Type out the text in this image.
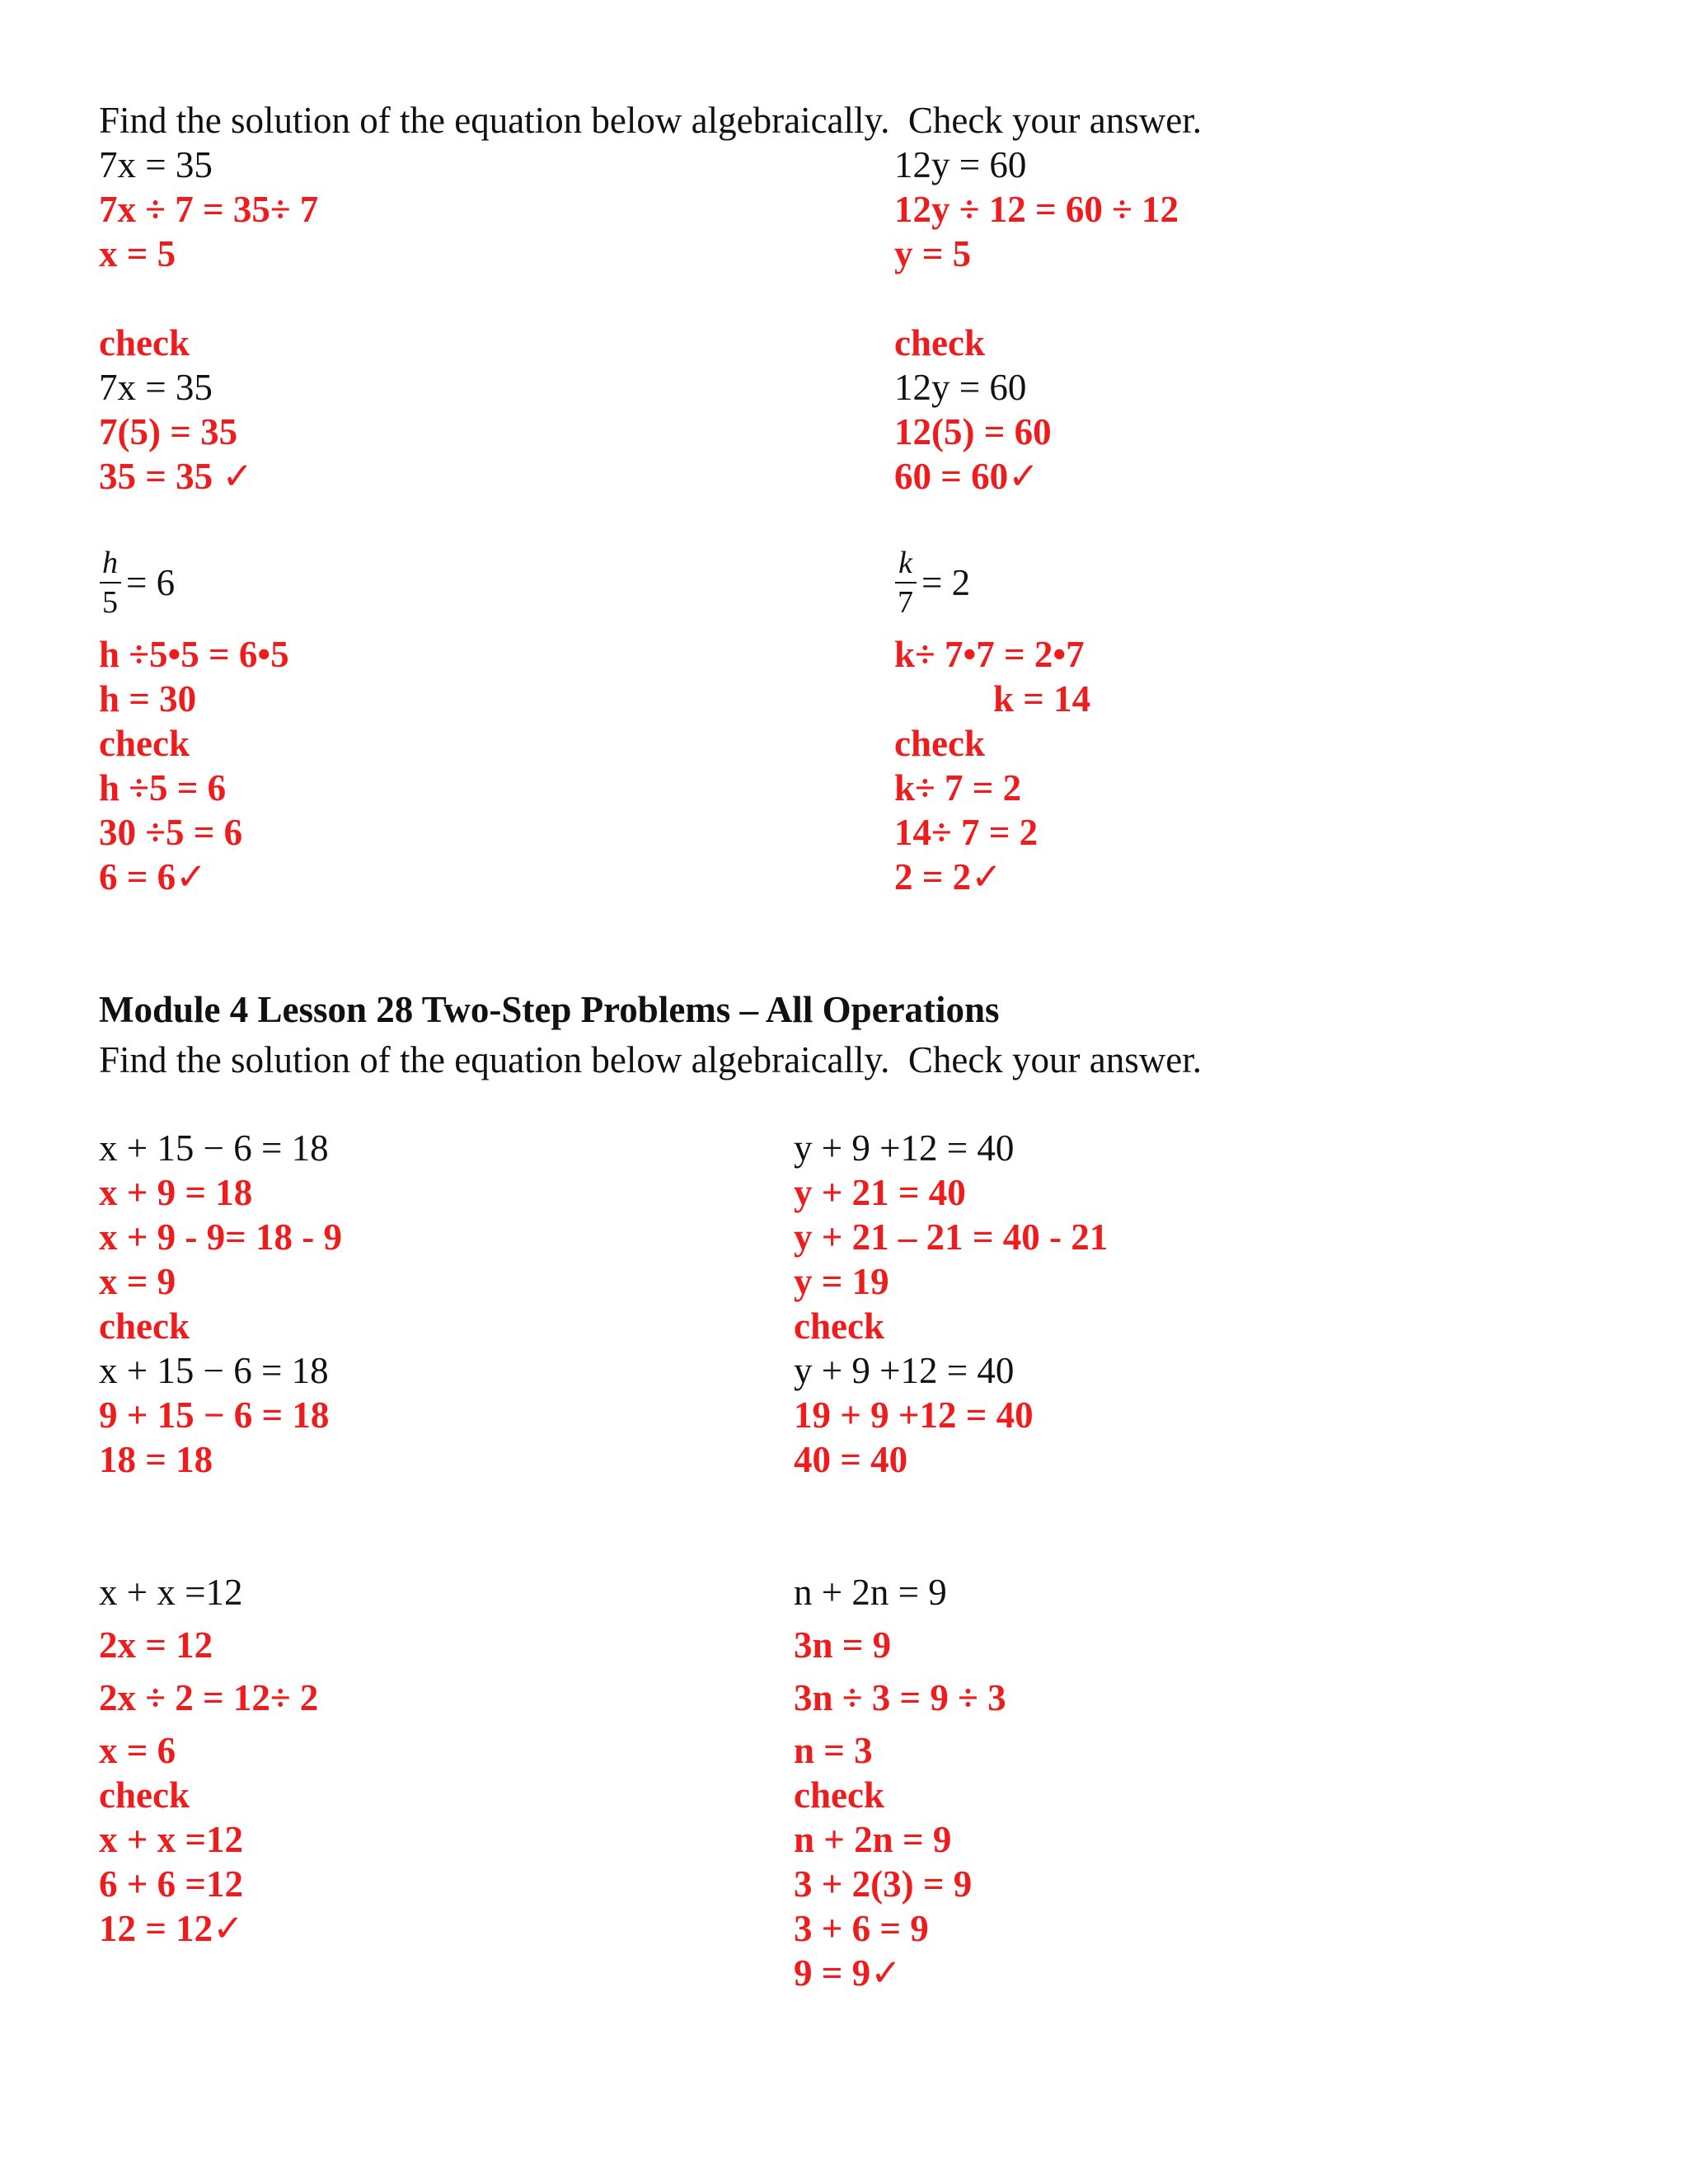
Find the solution of the equation below algebraically.  Check your answer.
7x = 35
7x ÷ 7 = 35÷ 7
x = 5
check
7x = 35
7(5) = 35
35 = 35 ✓
12y = 60
12y ÷ 12 = 60 ÷ 12
y = 5
check
12y = 60
12(5) = 60
60 = 60✓
$\frac{h}{5} = 6$
h ÷5•5 = 6•5
h = 30
check
h ÷5 = 6
30 ÷5 = 6
6 = 6✓
$\frac{k}{7} = 2$
k÷ 7•7 = 2•7
k = 14
check
k÷ 7 = 2
14÷ 7 = 2
2 = 2✓
Module 4 Lesson 28 Two-Step Problems – All Operations
Find the solution of the equation below algebraically.  Check your answer.
x + 15 − 6 = 18
x + 9 = 18
x + 9 - 9= 18 - 9
x = 9
check
x + 15 − 6 = 18
9 + 15 − 6 = 18
18 = 18
y + 9 +12 = 40
y + 21 = 40
y + 21 – 21 = 40 - 21
y = 19
check
y + 9 +12 = 40
19 + 9 +12 = 40
40 = 40
x + x =12
2x = 12
2x ÷ 2 = 12÷ 2
x = 6
check
x + x =12
6 + 6 =12
12 = 12✓
n + 2n = 9
3n = 9
3n ÷ 3 = 9 ÷ 3
n = 3
check
n + 2n = 9
3 + 2(3) = 9
3 + 6 = 9
9 = 9✓
